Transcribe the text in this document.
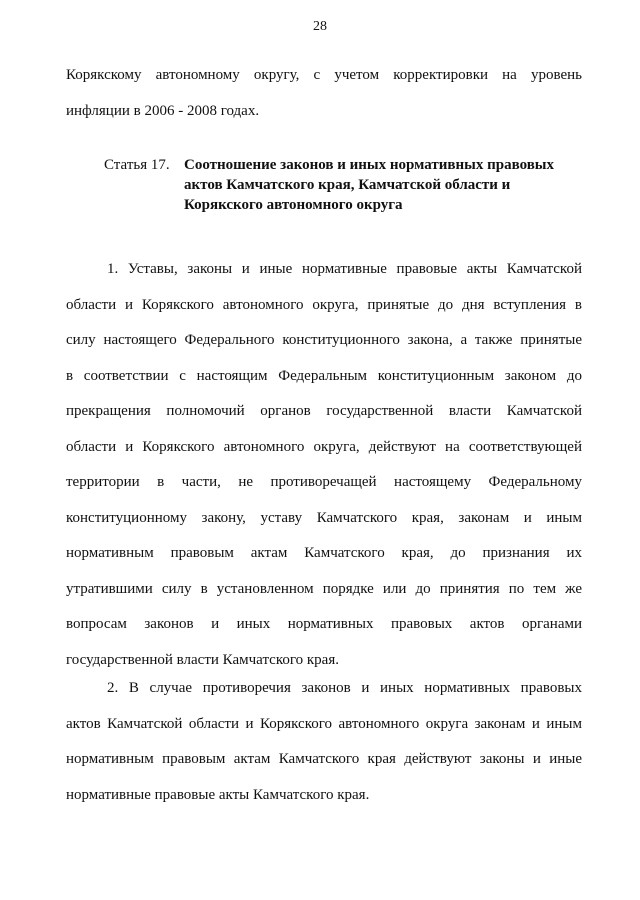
28
Корякскому автономному округу, с учетом корректировки на уровень
инфляции в 2006 - 2008 годах.
Статья 17. Соотношение законов и иных нормативных правовых
актов Камчатского края, Камчатской области и
Корякского автономного округа
1. Уставы, законы и иные нормативные правовые акты Камчатской
области и Корякского автономного округа, принятые до дня вступления в
силу настоящего Федерального конституционного закона, а также принятые
в соответствии с настоящим Федеральным конституционным законом до
прекращения полномочий органов государственной власти Камчатской
области и Корякского автономного округа, действуют на соответствующей
территории в части, не противоречащей настоящему Федеральному
конституционному закону, уставу Камчатского края, законам и иным
нормативным правовым актам Камчатского края, до признания их
утратившими силу в установленном порядке или до принятия по тем же
вопросам законов и иных нормативных правовых актов органами
государственной власти Камчатского края.
2. В случае противоречия законов и иных нормативных правовых
актов Камчатской области и Корякского автономного округа законам и иным
нормативным правовым актам Камчатского края действуют законы и иные
нормативные правовые акты Камчатского края.
